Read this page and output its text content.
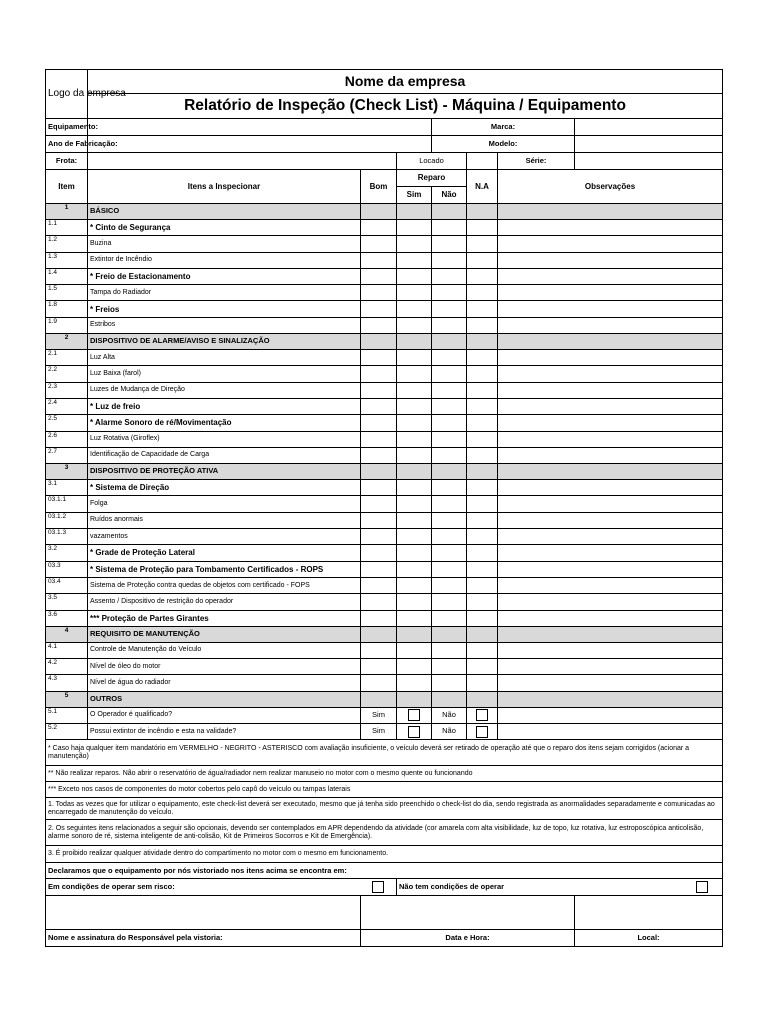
Logo da empresa	Nome da empresa						
	Relatório de Inspeção (Check List) - Máquina / Equipamento						
Equipamento:				Marca:			
Ano de Fabricação:				Modelo:			
Frota:			Locado			Série:	
Item	Itens a Inspecionar	Bom	Reparo		N.A	Observações	
			Sim	Não			
1	BÁSICO						
1.1	* Cinto de Segurança						
1.2	Buzina						
1.3	Extintor de Incêndio						
1.4	* Freio de Estacionamento						
1.5	Tampa do Radiador						
1.8	* Freios						
1.9	Estribos						
2	DISPOSITIVO DE ALARME/AVISO E SINALIZAÇÃO						
2.1	Luz Alta						
2.2	Luz Baixa (farol)						
2.3	Luzes de Mudança de Direção						
2.4	* Luz de freio						
2.5	* Alarme Sonoro de ré/Movimentação						
2.6	Luz Rotativa (Giroflex)						
2.7	Identificação de Capacidade de Carga						
3	DISPOSITIVO DE PROTEÇÃO ATIVA						
3.1	* Sistema de Direção						
03.1.1	Folga						
03.1.2	Ruídos anormais						
03.1.3	vazamentos						
3.2	* Grade de Proteção Lateral						
03.3	* Sistema de Proteção para Tombamento Certificados - ROPS						
03.4	Sistema de Proteção contra quedas de objetos com certificado - FOPS						
3.5	Assento / Dispositivo de restrição do operador						
3.6	*** Proteção de Partes Girantes						
4	REQUISITO DE MANUTENÇÃO						
4.1	Controle de Manutenção do Veículo						
4.2	Nível de óleo do motor						
4.3	Nível de água do radiador						
5	OUTROS						
5.1	O Operador é qualificado?	Sim		Não			
5.2	Possui extintor de incêndio e esta na validade?	Sim		Não			
* Caso haja qualquer item mandatório em VERMELHO - NEGRITO - ASTERISCO com avaliação insuficiente, o veículo deverá ser retirado de operação até que o reparo dos itens sejam corrigidos (acionar a manutenção)							
** Não realizar reparos. Não abrir o reservatório de água/radiador nem realizar manuseio no motor com o mesmo quente ou funcionando							
*** Exceto nos casos de componentes do motor cobertos pelo capô do veículo ou tampas laterais							
1. Todas as vezes que for utilizar o equipamento, este check-list deverá ser executado, mesmo que já tenha sido preenchido o check-list do dia, sendo registrada as anormalidades separadamente e comunicadas ao encarregado de manutenção do veículo.							
2. Os seguintes itens relacionados a seguir são opcionais, devendo ser contemplados em APR dependendo da atividade (cor amarela com alta visibilidade, luz de topo, luz rotativa, luz estroposcópica anticolisão, alarme sonoro de ré, sistema inteligente de anti-colisão, Kit de Primeiros Socorros e Kit de Emergência).							
3. É proibido realizar qualquer atividade dentro do compartimento no motor com o mesmo em funcionamento.							
Declaramos que o equipamento por nós vistoriado nos itens acima se encontra em:							
Em condições de operar sem risco:			Não tem condições de operar				

Nome e assinatura do Responsável pela vistoria:		Data e Hora:					Local:
